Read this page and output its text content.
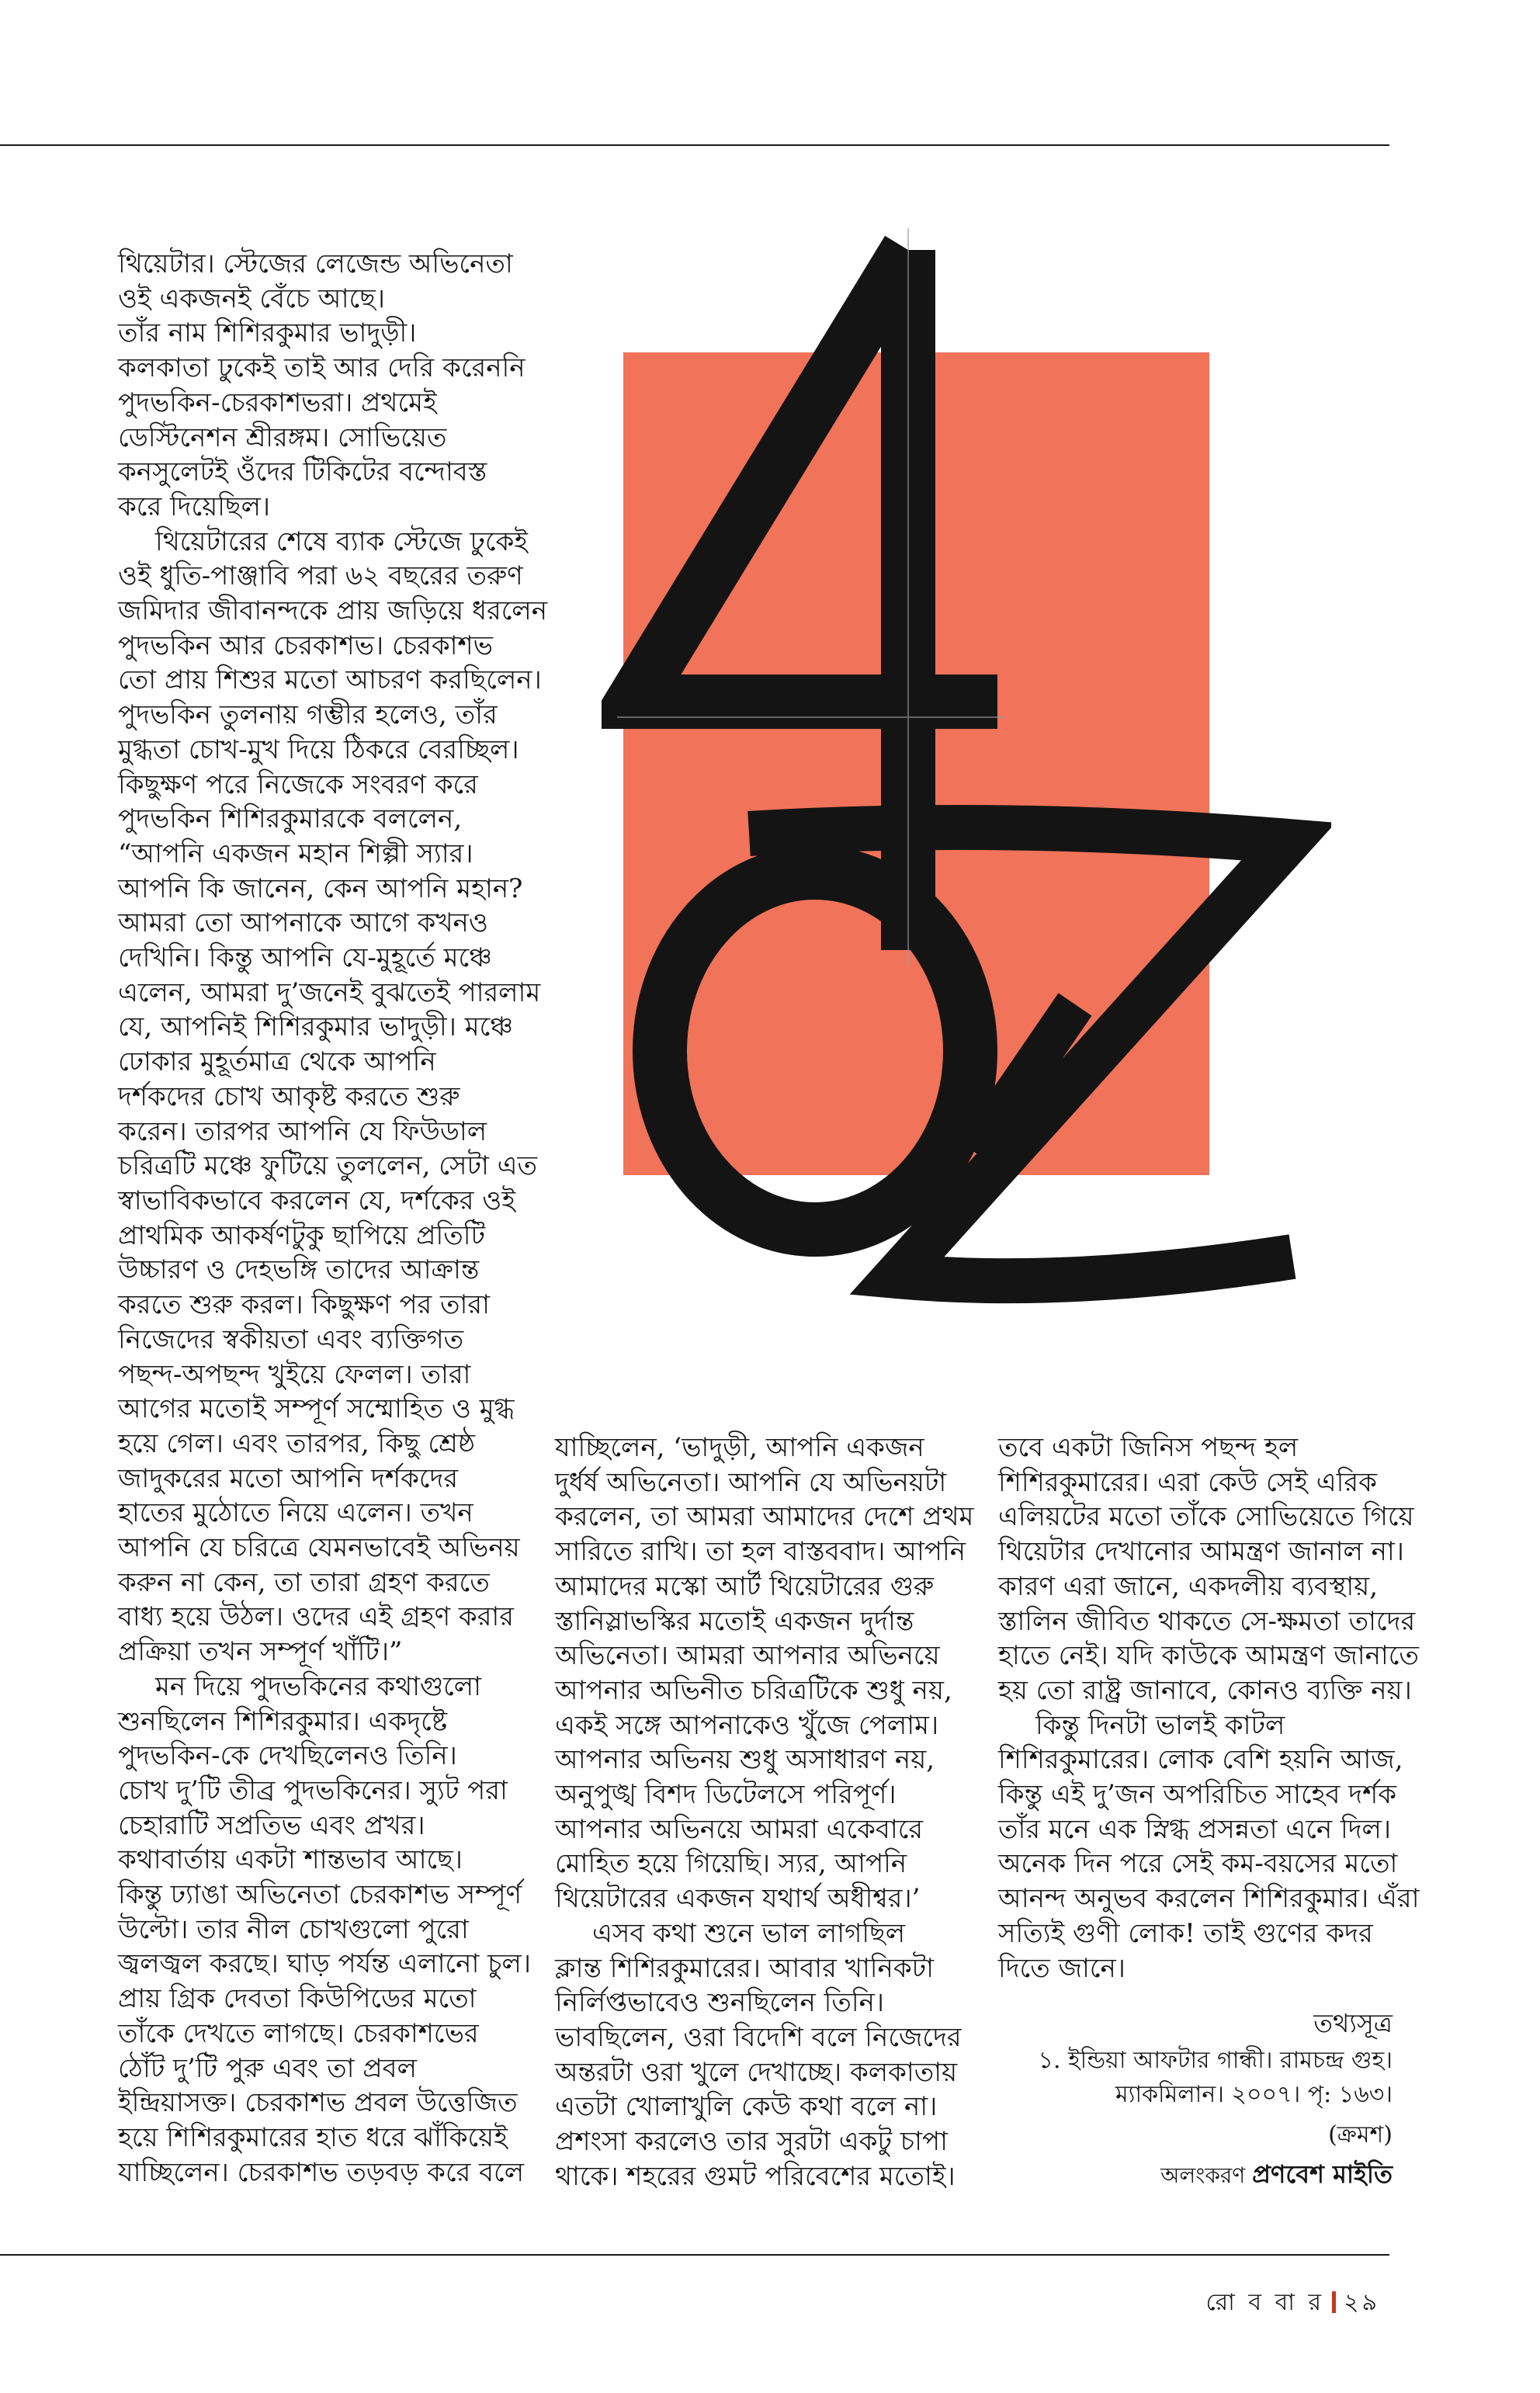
থিয়েটার। স্টেজের লেজেন্ড অভিনেতা
ওই একজনই বেঁচে আছে।
তাঁর নাম শিশিরকুমার ভাদুড়ী।
কলকাতা ঢুকেই তাই আর দেরি করেননি
পুদভকিন-চেরকাশভরা। প্রথমেই
ডেস্টিনেশন শ্রীরঙ্গম। সোভিয়েত
কনসুলেটই ওঁদের টিকিটের বন্দোবস্ত
করে দিয়েছিল।
থিয়েটারের শেষে ব্যাক স্টেজে ঢুকেই
ওই ধুতি-পাঞ্জাবি পরা ৬২ বছরের তরুণ
জমিদার জীবানন্দকে প্রায় জড়িয়ে ধরলেন
পুদভকিন আর চেরকাশভ। চেরকাশভ
তো প্রায় শিশুর মতো আচরণ করছিলেন।
পুদভকিন তুলনায় গম্ভীর হলেও, তাঁর
মুগ্ধতা চোখ-মুখ দিয়ে ঠিকরে বেরচ্ছিল।
কিছুক্ষণ পরে নিজেকে সংবরণ করে
পুদভকিন শিশিরকুমারকে বললেন,
“আপনি একজন মহান শিল্পী স্যার।
আপনি কি জানেন, কেন আপনি মহান?
আমরা তো আপনাকে আগে কখনও
দেখিনি। কিন্তু আপনি যে-মুহূর্তে মঞ্চে
এলেন, আমরা দু’জনেই বুঝতেই পারলাম
যে, আপনিই শিশিরকুমার ভাদুড়ী। মঞ্চে
ঢোকার মুহূর্তমাত্র থেকে আপনি
দর্শকদের চোখ আকৃষ্ট করতে শুরু
করেন। তারপর আপনি যে ফিউডাল
চরিত্রটি মঞ্চে ফুটিয়ে তুললেন, সেটা এত
স্বাভাবিকভাবে করলেন যে, দর্শকের ওই
প্রাথমিক আকর্ষণটুকু ছাপিয়ে প্রতিটি
উচ্চারণ ও দেহভঙ্গি তাদের আক্রান্ত
করতে শুরু করল। কিছুক্ষণ পর তারা
নিজেদের স্বকীয়তা এবং ব্যক্তিগত
পছন্দ-অপছন্দ খুইয়ে ফেলল। তারা
আগের মতোই সম্পূর্ণ সম্মোহিত ও মুগ্ধ
হয়ে গেল। এবং তারপর, কিছু শ্রেষ্ঠ
জাদুকরের মতো আপনি দর্শকদের
হাতের মুঠোতে নিয়ে এলেন। তখন
আপনি যে চরিত্রে যেমনভাবেই অভিনয়
করুন না কেন, তা তারা গ্রহণ করতে
বাধ্য হয়ে উঠল। ওদের এই গ্রহণ করার
প্রক্রিয়া তখন সম্পূর্ণ খাঁটি।”
মন দিয়ে পুদভকিনের কথাগুলো
শুনছিলেন শিশিরকুমার। একদৃষ্টে
পুদভকিন-কে দেখছিলেনও তিনি।
চোখ দু’টি তীব্র পুদভকিনের। স্যুট পরা
চেহারাটি সপ্রতিভ এবং প্রখর।
কথাবার্তায় একটা শান্তভাব আছে।
কিন্তু ঢ্যাঙা অভিনেতা চেরকাশভ সম্পূর্ণ
উল্টো। তার নীল চোখগুলো পুরো
জ্বলজ্বল করছে। ঘাড় পর্যন্ত এলানো চুল।
প্রায় গ্রিক দেবতা কিউপিডের মতো
তাঁকে দেখতে লাগছে। চেরকাশভের
ঠোঁট দু’টি পুরু এবং তা প্রবল
ইন্দ্রিয়াসক্ত। চেরকাশভ প্রবল উত্তেজিত
হয়ে শিশিরকুমারের হাত ধরে ঝাঁকিয়েই
যাচ্ছিলেন। চেরকাশভ তড়বড় করে বলে
যাচ্ছিলেন, ‘ভাদুড়ী, আপনি একজন
দুর্ধর্ষ অভিনেতা। আপনি যে অভিনয়টা
করলেন, তা আমরা আমাদের দেশে প্রথম
সারিতে রাখি। তা হল বাস্তববাদ। আপনি
আমাদের মস্কো আর্ট থিয়েটারের গুরু
স্তানিস্লাভস্কির মতোই একজন দুর্দান্ত
অভিনেতা। আমরা আপনার অভিনয়ে
আপনার অভিনীত চরিত্রটিকে শুধু নয়,
একই সঙ্গে আপনাকেও খুঁজে পেলাম।
আপনার অভিনয় শুধু অসাধারণ নয়,
অনুপুঙ্খ বিশদ ডিটেলসে পরিপূর্ণ।
আপনার অভিনয়ে আমরা একেবারে
মোহিত হয়ে গিয়েছি। স্যর, আপনি
থিয়েটারের একজন যথার্থ অধীশ্বর।’
এসব কথা শুনে ভাল লাগছিল
ক্লান্ত শিশিরকুমারের। আবার খানিকটা
নির্লিপ্তভাবেও শুনছিলেন তিনি।
ভাবছিলেন, ওরা বিদেশি বলে নিজেদের
অন্তরটা ওরা খুলে দেখাচ্ছে। কলকাতায়
এতটা খোলাখুলি কেউ কথা বলে না।
প্রশংসা করলেও তার সুরটা একটু চাপা
থাকে। শহরের গুমট পরিবেশের মতোই।
তবে একটা জিনিস পছন্দ হল
শিশিরকুমারের। এরা কেউ সেই এরিক
এলিয়টের মতো তাঁকে সোভিয়েতে গিয়ে
থিয়েটার দেখানোর আমন্ত্রণ জানাল না।
কারণ এরা জানে, একদলীয় ব্যবস্থায়,
স্তালিন জীবিত থাকতে সে-ক্ষমতা তাদের
হাতে নেই। যদি কাউকে আমন্ত্রণ জানাতে
হয় তো রাষ্ট্র জানাবে, কোনও ব্যক্তি নয়।
কিন্তু দিনটা ভালই কাটল
শিশিরকুমারের। লোক বেশি হয়নি আজ,
কিন্তু এই দু’জন অপরিচিত সাহেব দর্শক
তাঁর মনে এক স্নিগ্ধ প্রসন্নতা এনে দিল।
অনেক দিন পরে সেই কম-বয়সের মতো
আনন্দ অনুভব করলেন শিশিরকুমার। এঁরা
সত্যিই গুণী লোক! তাই গুণের কদর
দিতে জানে।
তথ্যসূত্র
১. ইন্ডিয়া আফটার গান্ধী। রামচন্দ্র গুহ।
ম্যাকমিলান। ২০০৭। পৃ: ১৬৩।
(ক্রমশ)
অলংকরণ প্রণবেশ মাইতি
রো ব বা র ২৯
